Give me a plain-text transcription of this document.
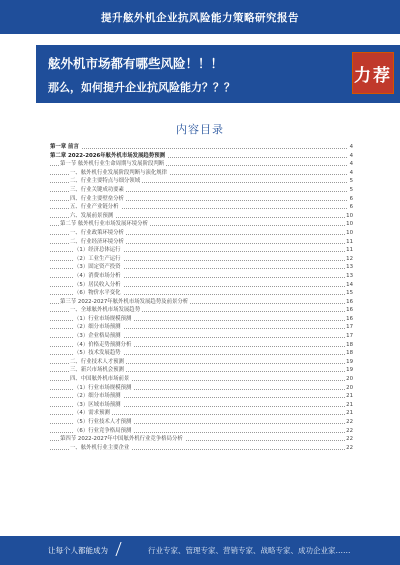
提升舷外机企业抗风险能力策略研究报告
舷外机市场都有哪些风险！！！
那么，如何提升企业抗风险能力？？？
力荐
内容目录
第一章 前言	4
第二章 2022-2026年舷外机市场发展趋势预测	4
第一节 舷外机行业生命周期与发展阶段判断	4
一、舷外机行业发展阶段判断与演化规律	4
二、行业主要特点与细分领域	5
三、行业关键成功要素	5
四、行业主要壁垒分析	6
五、行业产业链分析	6
六、发展前景预测	10
第二节 舷外机行业市场发展环境分析	10
一、行业政策环境分析	10
二、行业经济环境分析	11
（1）经济总体运行	11
（2）工业生产运行	12
（3）固定资产投资	13
（4）消费市场分析	13
（5）居民收入分析	14
（6）物价水平变化	15
第三节 2022-2027年舷外机市场发展趋势及前景分析	16
一、全球舷外机市场发展趋势	16
（1）行业市场规模预测	16
（2）细分市场预测	17
（3）企业格局预测	17
（4）价格走势预测分析	18
（5）技术发展趋势	18
二、行业技术人才预测	19
三、新兴市场机会预测	19
四、中国舷外机市场前景	20
（1）行业市场规模预测	20
（2）细分市场预测	21
（3）区域市场预测	21
（4）需求预测	21
（5）行业技术人才预测	22
（6）行业竞争格局预测	22
第四节 2022-2027年中国舷外机行业竞争格局分析	22
一、舷外机行业主要企业	22
让每个人都能成为	行业专家、管理专家、营销专家、战略专家、成功企业家……
